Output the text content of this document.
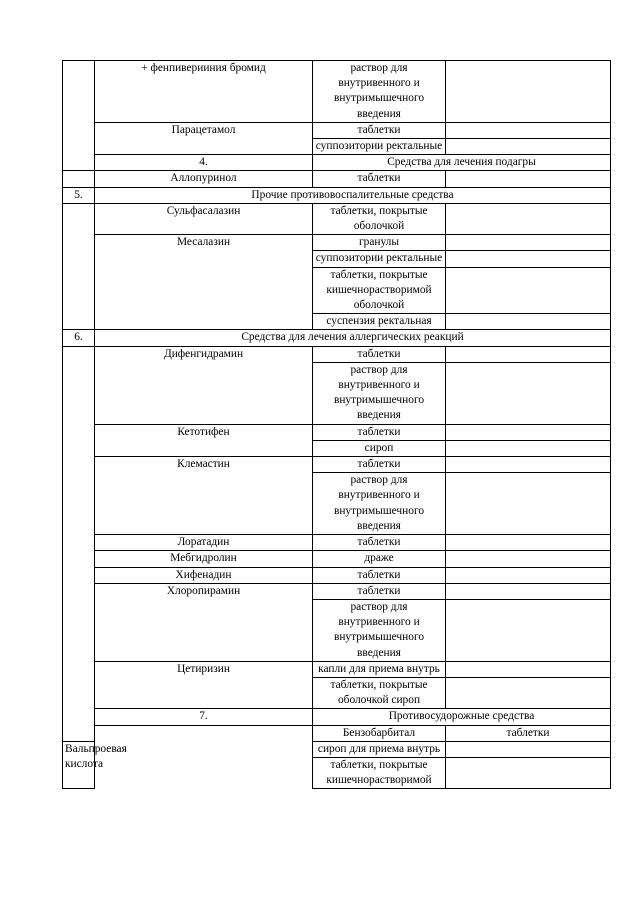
	+ фенпиверииния бромид	раствор для внутривенного и внутримышечного введения		
	Парацетамол	таблетки		
		суппозитории ректальные		
	4.	Средства для лечения подагры		
	Аллопуринол	таблетки		
5.	Прочие противовоспалительные средства			
	Сульфасалазин	таблетки, покрытые оболочкой		
	Месалазин	гранулы		
		суппозитории ректальные		
		таблетки, покрытые кишечнорастворимой оболочкой		
		суспензия ректальная		
6.	Средства для лечения аллергических реакций			
	Дифенгидрамин	таблетки		
		раствор для внутривенного и внутримышечного введения		
	Кетотифен	таблетки		
		сироп		
	Клемастин	таблетки		
		раствор для внутривенного и внутримышечного введения		
	Лоратадин	таблетки		
	Мебгидролин	драже		
	Хифенадин	таблетки		
	Хлоропирамин	таблетки		
		раствор для внутривенного и внутримышечного введения		
	Цетиризин	капли для приема внутрь		
		таблетки, покрытые оболочкой сироп		
	7.	Противосудорожные средства		
		Бензобарбитал	таблетки	
Вальпроевая кислота		сироп для приема внутрь		
		таблетки, покрытые кишечнорастворимой		
